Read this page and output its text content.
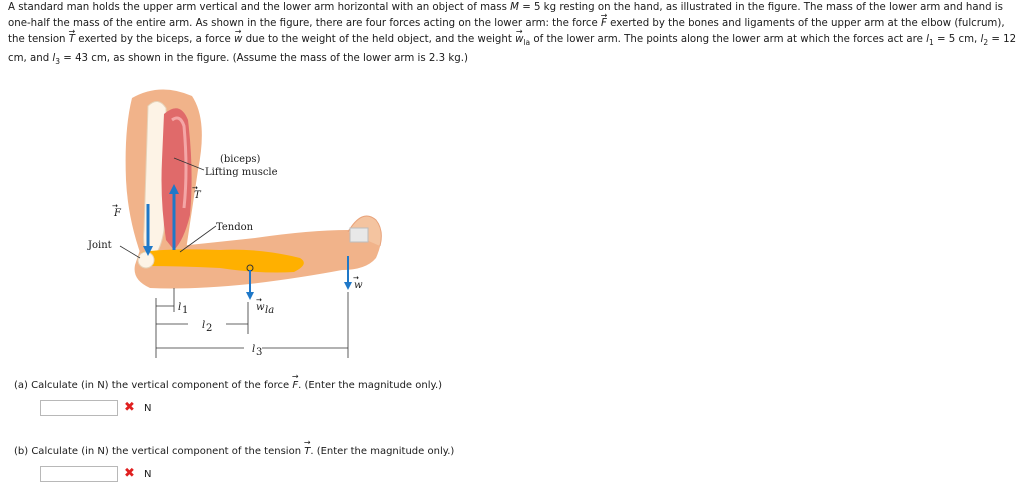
A standard man holds the upper arm vertical and the lower arm horizontal with an object of mass M = 5 kg resting on the hand, as illustrated in the figure. The mass of the lower arm and hand is one-half the mass of the entire arm. As shown in the figure, there are four forces acting on the lower arm: the force → F exerted by the bones and ligaments of the upper arm at the elbow (fulcrum), the tension → T exerted by the biceps, a force → w due to the weight of the held object, and the weight → $w_{la}$ of the lower arm. The points along the lower arm at which the forces act are $l_1 = 5$ cm, $l_2 = 12$ cm, and $l_3 = 43$ cm, as shown in the figure. (Assume the mass of the lower arm is 2.3 kg.)
(biceps)
Lifting muscle
Tendon
Joint
T
→
F
→
w
→
w la
→
l 1
l 2
l 3
(a) Calculate (in N) the vertical component of the force → F. (Enter the magnitude only.)
✖ N
(b) Calculate (in N) the vertical component of the tension → T. (Enter the magnitude only.)
✖ N
